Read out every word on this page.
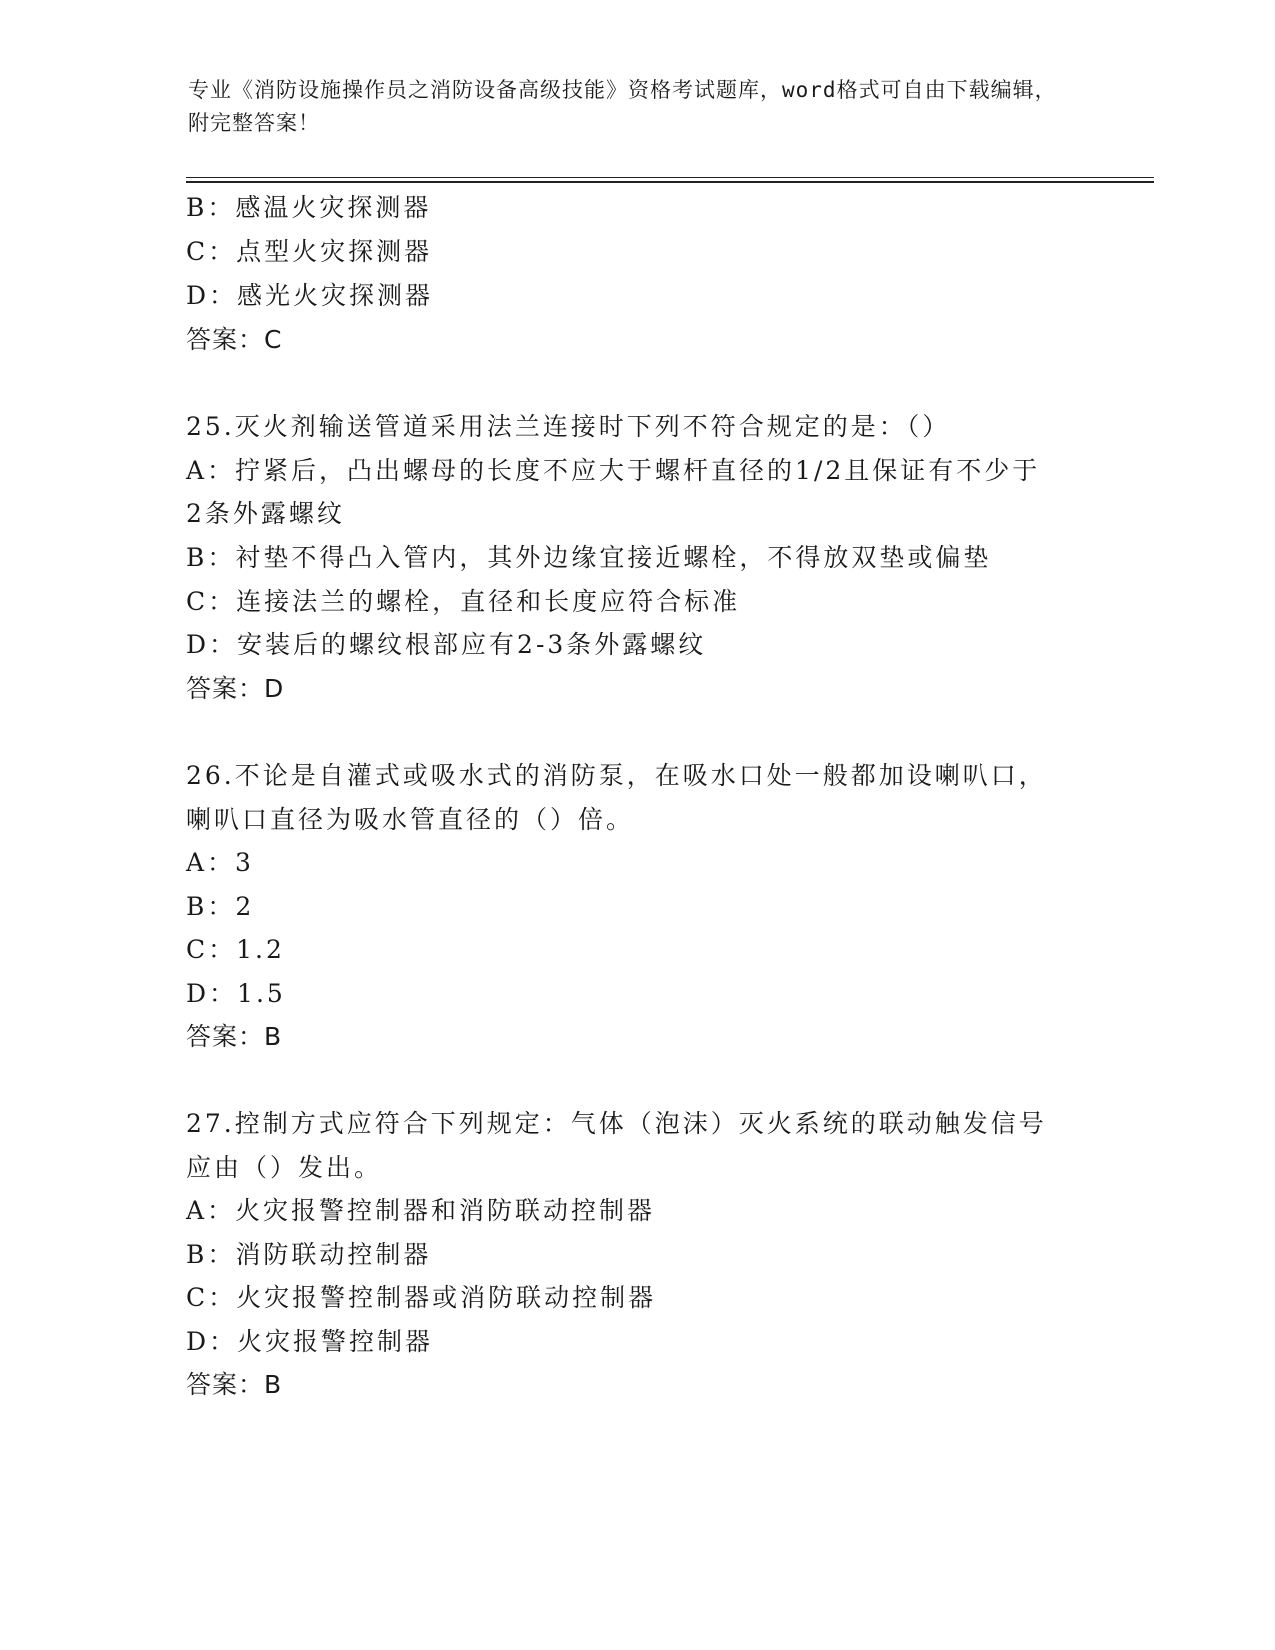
专业《消防设施操作员之消防设备高级技能》资格考试题库，word格式可自由下载编辑，附完整答案！
B：感温火灾探测器
C：点型火灾探测器
D：感光火灾探测器
答案：C
25.灭火剂输送管道采用法兰连接时下列不符合规定的是：（）
A：拧紧后，凸出螺母的长度不应大于螺杆直径的1/2且保证有不少于
2条外露螺纹
B：衬垫不得凸入管内，其外边缘宜接近螺栓，不得放双垫或偏垫
C：连接法兰的螺栓，直径和长度应符合标准
D：安装后的螺纹根部应有2-3条外露螺纹
答案：D
26.不论是自灌式或吸水式的消防泵，在吸水口处一般都加设喇叭口，
喇叭口直径为吸水管直径的（）倍。
A：3
B：2
C：1.2
D：1.5
答案：B
27.控制方式应符合下列规定：气体（泡沫）灭火系统的联动触发信号
应由（）发出。
A：火灾报警控制器和消防联动控制器
B：消防联动控制器
C：火灾报警控制器或消防联动控制器
D：火灾报警控制器
答案：B
